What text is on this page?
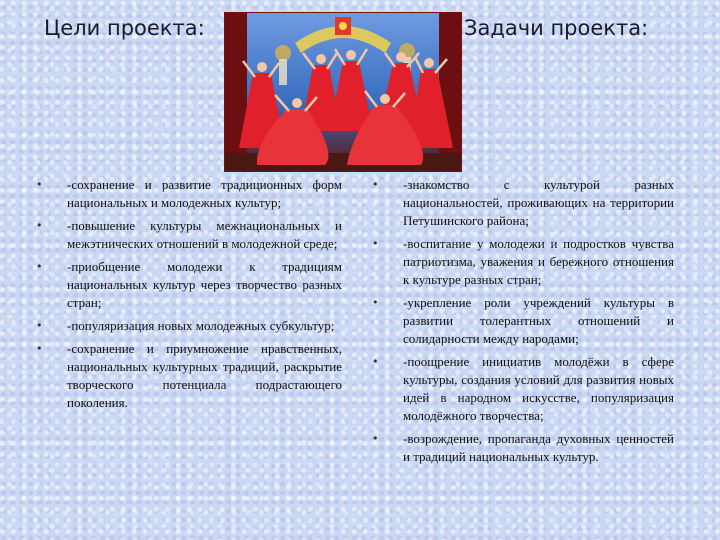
Цели проекта:	Задачи проекта:
• -сохранение и развитие традиционных форм национальных и молодежных культур;
• -повышение культуры межнациональных и межэтнических отношений в молодежной среде;
• -приобщение молодежи к традициям национальных культур через творчество разных стран;
• -популяризация новых молодежных субкультур;
• -сохранение и приумножение нравственных, национальных культурных традиций, раскрытие творческого потенциала подрастающего поколения.
• -знакомство с культурой разных национальностей, проживающих на территории Петушинского района;
• -воспитание у молодежи и подростков чувства патриотизма, уважения и бережного отношения к культуре разных стран;
• -укрепление роли учреждений культуры в развитии толерантных отношений и солидарности между народами;
• -поощрение инициатив молодёжи в сфере культуры, создания условий для развития новых идей в народном искусстве, популяризация молодёжного творчества;
• -возрождение, пропаганда духовных ценностей и традиций национальных культур.
